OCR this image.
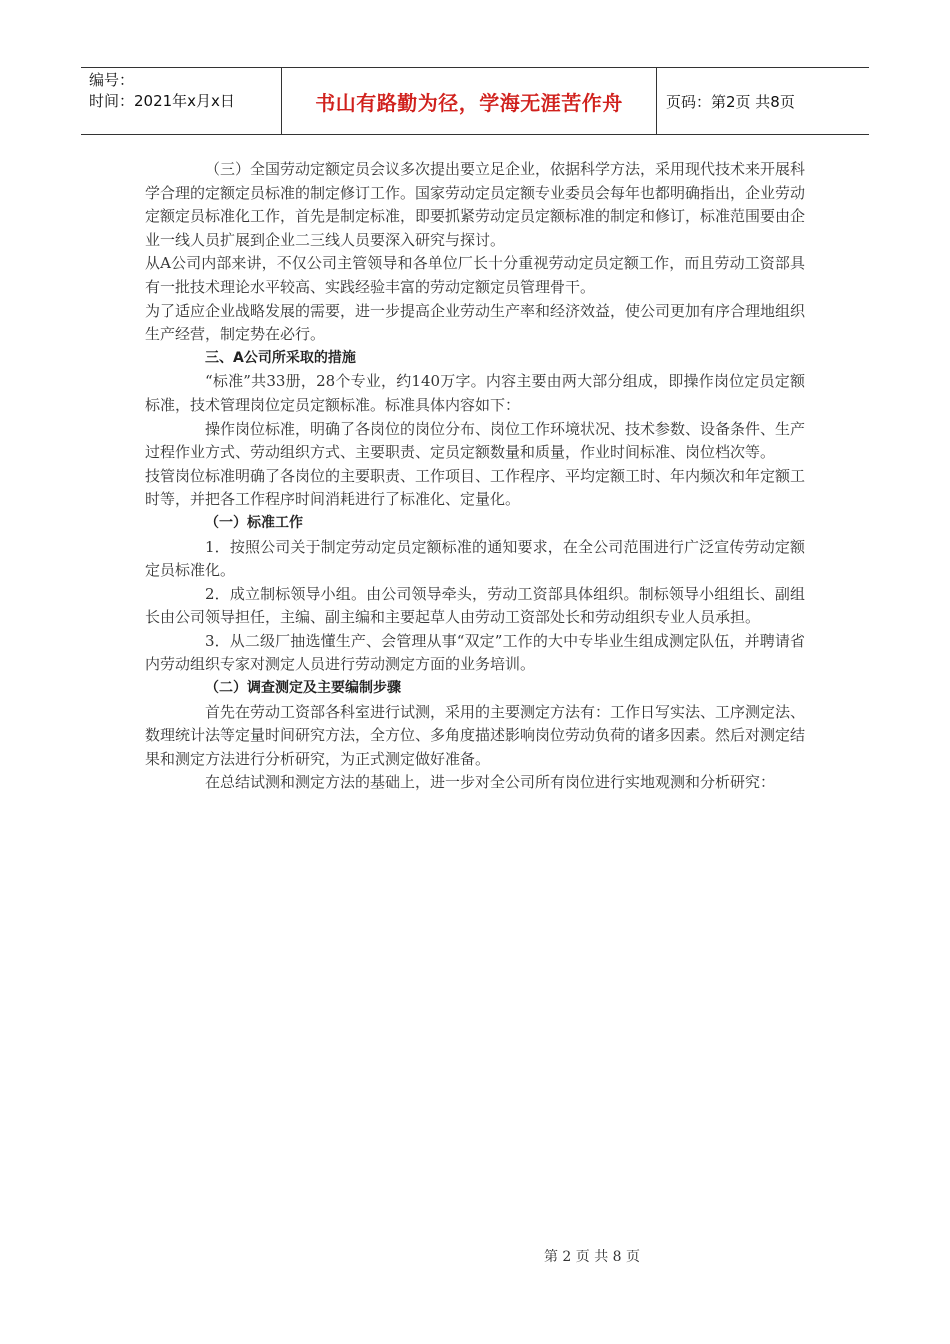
编号：
时间：2021年x月x日	书山有路勤为径，学海无涯苦作舟	页码：第2页 共8页

（三）全国劳动定额定员会议多次提出要立足企业，依据科学方法，采用现代技术来开展科学合理的定额定员标准的制定修订工作。国家劳动定员定额专业委员会每年也都明确指出，企业劳动定额定员标准化工作，首先是制定标准，即要抓紧劳动定员定额标准的制定和修订，标准范围要由企业一线人员扩展到企业二三线人员要深入研究与探讨。

从A公司内部来讲，不仅公司主管领导和各单位厂长十分重视劳动定员定额工作，而且劳动工资部具有一批技术理论水平较高、实践经验丰富的劳动定额定员管理骨干。

为了适应企业战略发展的需要，进一步提高企业劳动生产率和经济效益，使公司更加有序合理地组织生产经营，制定势在必行。

三、A公司所采取的措施

“标准”共33册，28个专业，约140万字。内容主要由两大部分组成，即操作岗位定员定额标准，技术管理岗位定员定额标准。标准具体内容如下：

操作岗位标准，明确了各岗位的岗位分布、岗位工作环境状况、技术参数、设备条件、生产过程作业方式、劳动组织方式、主要职责、定员定额数量和质量，作业时间标准、岗位档次等。

技管岗位标准明确了各岗位的主要职责、工作项目、工作程序、平均定额工时、年内频次和年定额工时等，并把各工作程序时间消耗进行了标准化、定量化。

（一）标准工作

1．按照公司关于制定劳动定员定额标准的通知要求，在全公司范围进行广泛宣传劳动定额定员标准化。

2．成立制标领导小组。由公司领导牵头，劳动工资部具体组织。制标领导小组组长、副组长由公司领导担任，主编、副主编和主要起草人由劳动工资部处长和劳动组织专业人员承担。

3．从二级厂抽选懂生产、会管理从事“双定”工作的大中专毕业生组成测定队伍，并聘请省内劳动组织专家对测定人员进行劳动测定方面的业务培训。

（二）调查测定及主要编制步骤

首先在劳动工资部各科室进行试测，采用的主要测定方法有：工作日写实法、工序测定法、数理统计法等定量时间研究方法，全方位、多角度描述影响岗位劳动负荷的诸多因素。然后对测定结果和测定方法进行分析研究，为正式测定做好准备。

在总结试测和测定方法的基础上，进一步对全公司所有岗位进行实地观测和分析研究：

第 2 页 共 8 页
